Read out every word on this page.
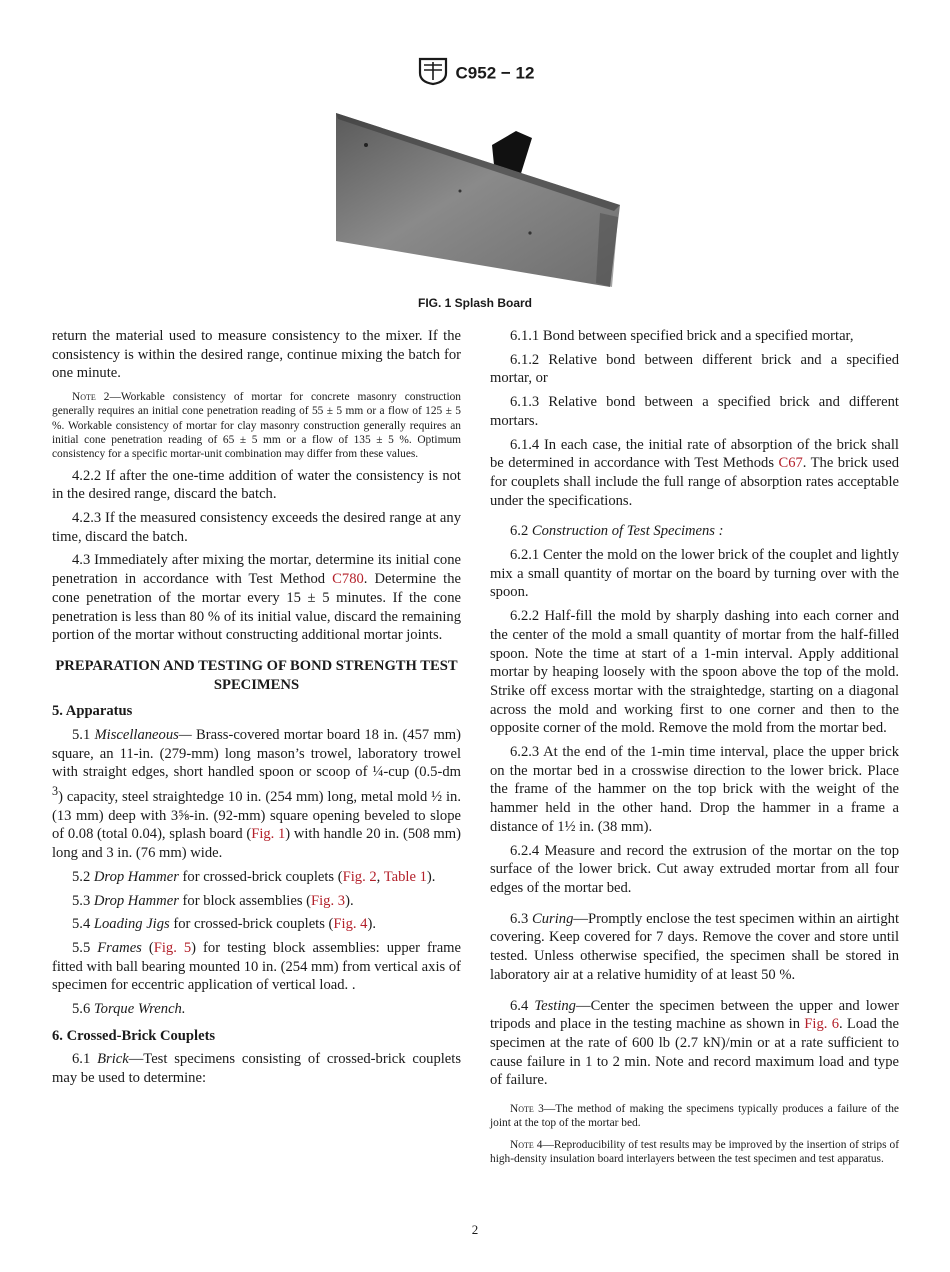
C952 − 12
FIG. 1 Splash Board

return the material used to measure consistency to the mixer. If the consistency is within the desired range, continue mixing the batch for one minute.

Note 2—Workable consistency of mortar for concrete masonry construction generally requires an initial cone penetration reading of 55 ± 5 mm or a flow of 125 ± 5 %. Workable consistency of mortar for clay masonry construction generally requires an initial cone penetration reading of 65 ± 5 mm or a flow of 135 ± 5 %. Optimum consistency for a specific mortar-unit combination may differ from these values.

4.2.2 If after the one-time addition of water the consistency is not in the desired range, discard the batch.

4.2.3 If the measured consistency exceeds the desired range at any time, discard the batch.

4.3 Immediately after mixing the mortar, determine its initial cone penetration in accordance with Test Method C780. Determine the cone penetration of the mortar every 15 ± 5 minutes. If the cone penetration is less than 80 % of its initial value, discard the remaining portion of the mortar without constructing additional mortar joints.

PREPARATION AND TESTING OF BOND STRENGTH TEST SPECIMENS

5. Apparatus

5.1 Miscellaneous— Brass-covered mortar board 18 in. (457 mm) square, an 11-in. (279-mm) long mason’s trowel, laboratory trowel with straight edges, short handled spoon or scoop of ¼-cup (0.5-dm $^3$) capacity, steel straightedge 10 in. (254 mm) long, metal mold ½ in. (13 mm) deep with 3⅝-in. (92-mm) square opening beveled to slope of 0.08 (total 0.04), splash board (Fig. 1) with handle 20 in. (508 mm) long and 3 in. (76 mm) wide.

5.2 Drop Hammer for crossed-brick couplets (Fig. 2, Table 1).

5.3 Drop Hammer for block assemblies (Fig. 3).

5.4 Loading Jigs for crossed-brick couplets (Fig. 4).

5.5 Frames (Fig. 5) for testing block assemblies: upper frame fitted with ball bearing mounted 10 in. (254 mm) from vertical axis of specimen for eccentric application of vertical load. .

5.6 Torque Wrench.

6. Crossed-Brick Couplets

6.1 Brick—Test specimens consisting of crossed-brick couplets may be used to determine:

6.1.1 Bond between specified brick and a specified mortar,

6.1.2 Relative bond between different brick and a specified mortar, or

6.1.3 Relative bond between a specified brick and different mortars.

6.1.4 In each case, the initial rate of absorption of the brick shall be determined in accordance with Test Methods C67. The brick used for couplets shall include the full range of absorption rates acceptable under the specifications.

6.2 Construction of Test Specimens :

6.2.1 Center the mold on the lower brick of the couplet and lightly mix a small quantity of mortar on the board by turning over with the spoon.

6.2.2 Half-fill the mold by sharply dashing into each corner and the center of the mold a small quantity of mortar from the half-filled spoon. Note the time at start of a 1-min interval. Apply additional mortar by heaping loosely with the spoon above the top of the mold. Strike off excess mortar with the straightedge, starting on a diagonal across the mold and working first to one corner and then to the opposite corner of the mold. Remove the mold from the mortar bed.

6.2.3 At the end of the 1-min time interval, place the upper brick on the mortar bed in a crosswise direction to the lower brick. Place the frame of the hammer on the top brick with the weight of the hammer held in the other hand. Drop the hammer in a frame a distance of 1½ in. (38 mm).

6.2.4 Measure and record the extrusion of the mortar on the top surface of the lower brick. Cut away extruded mortar from all four edges of the mortar bed.

6.3 Curing—Promptly enclose the test specimen within an airtight covering. Keep covered for 7 days. Remove the cover and store until tested. Unless otherwise specified, the specimen shall be stored in laboratory air at a relative humidity of at least 50 %.

6.4 Testing—Center the specimen between the upper and lower tripods and place in the testing machine as shown in Fig. 6. Load the specimen at the rate of 600 lb (2.7 kN)/min or at a rate sufficient to cause failure in 1 to 2 min. Note and record maximum load and type of failure.

Note 3—The method of making the specimens typically produces a failure of the joint at the top of the mortar bed.

Note 4—Reproducibility of test results may be improved by the insertion of strips of high-density insulation board interlayers between the test specimen and test apparatus.

2
